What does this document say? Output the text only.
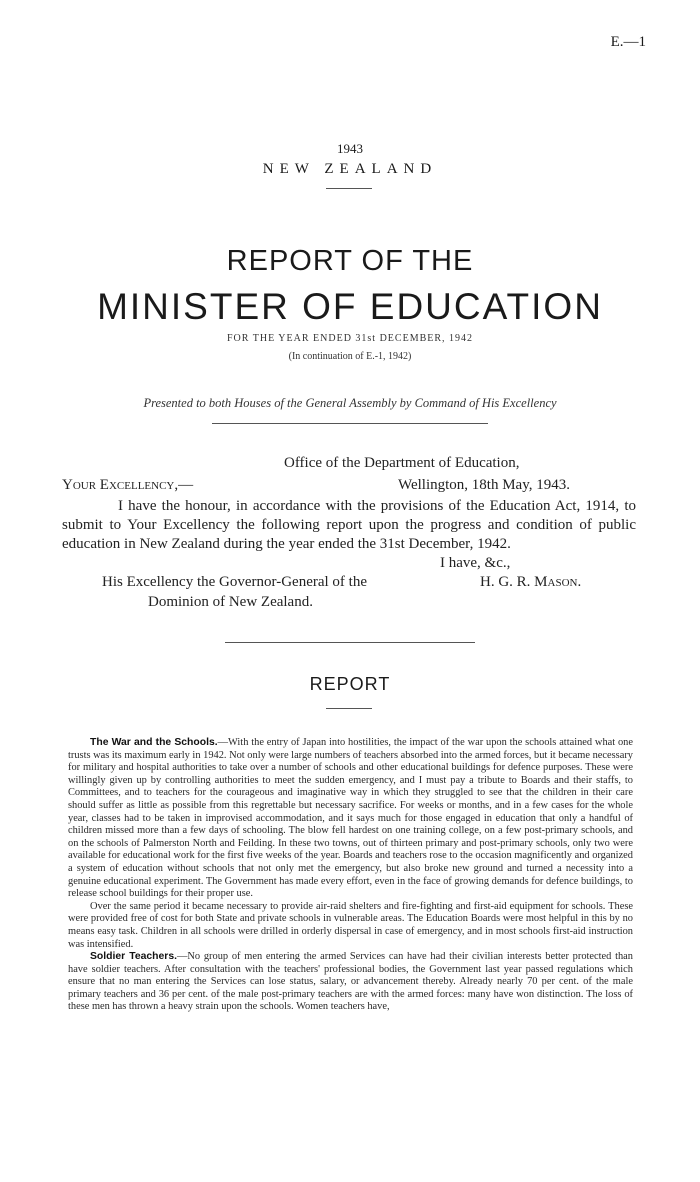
E.—1
1943
NEW ZEALAND
REPORT OF THE
MINISTER OF EDUCATION
FOR THE YEAR ENDED 31st DECEMBER, 1942
(In continuation of E.-1, 1942)
Presented to both Houses of the General Assembly by Command of His Excellency
Office of the Department of Education,
Your Excellency,—	Wellington, 18th May, 1943.
I have the honour, in accordance with the provisions of the Education Act, 1914, to submit to Your Excellency the following report upon the progress and condition of public education in New Zealand during the year ended the 31st December, 1942.
I have, &c.,
H. G. R. Mason.
His Excellency the Governor-General of the
Dominion of New Zealand.
REPORT

The War and the Schools.—With the entry of Japan into hostilities, the impact of the war upon the schools attained what one trusts was its maximum early in 1942. Not only were large numbers of teachers absorbed into the armed forces, but it became necessary for military and hospital authorities to take over a number of schools and other educational buildings for defence purposes. These were willingly given up by controlling authorities to meet the sudden emergency, and I must pay a tribute to Boards and their staffs, to Committees, and to teachers for the courageous and imaginative way in which they struggled to see that the children in their care should suffer as little as possible from this regrettable but necessary sacrifice. For weeks or months, and in a few cases for the whole year, classes had to be taken in improvised accommodation, and it says much for those engaged in education that only a handful of children missed more than a few days of schooling. The blow fell hardest on one training college, on a few post-primary schools, and on the schools of Palmerston North and Feilding. In these two towns, out of thirteen primary and post-primary schools, only two were available for educational work for the first five weeks of the year. Boards and teachers rose to the occasion magnificently and organized a system of education without schools that not only met the emergency, but also broke new ground and turned a necessity into a genuine educational experiment. The Government has made every effort, even in the face of growing demands for defence buildings, to release school buildings for their proper use.

Over the same period it became necessary to provide air-raid shelters and fire-fighting and first-aid equipment for schools. These were provided free of cost for both State and private schools in vulnerable areas. The Education Boards were most helpful in this by no means easy task. Children in all schools were drilled in orderly dispersal in case of emergency, and in most schools first-aid instruction was intensified.

Soldier Teachers.—No group of men entering the armed Services can have had their civilian interests better protected than have soldier teachers. After consultation with the teachers' professional bodies, the Government last year passed regulations which ensure that no man entering the Services can lose status, salary, or advancement thereby. Already nearly 70 per cent. of the male primary teachers and 36 per cent. of the male post-primary teachers are with the armed forces: many have won distinction. The loss of these men has thrown a heavy strain upon the schools. Women teachers have,
